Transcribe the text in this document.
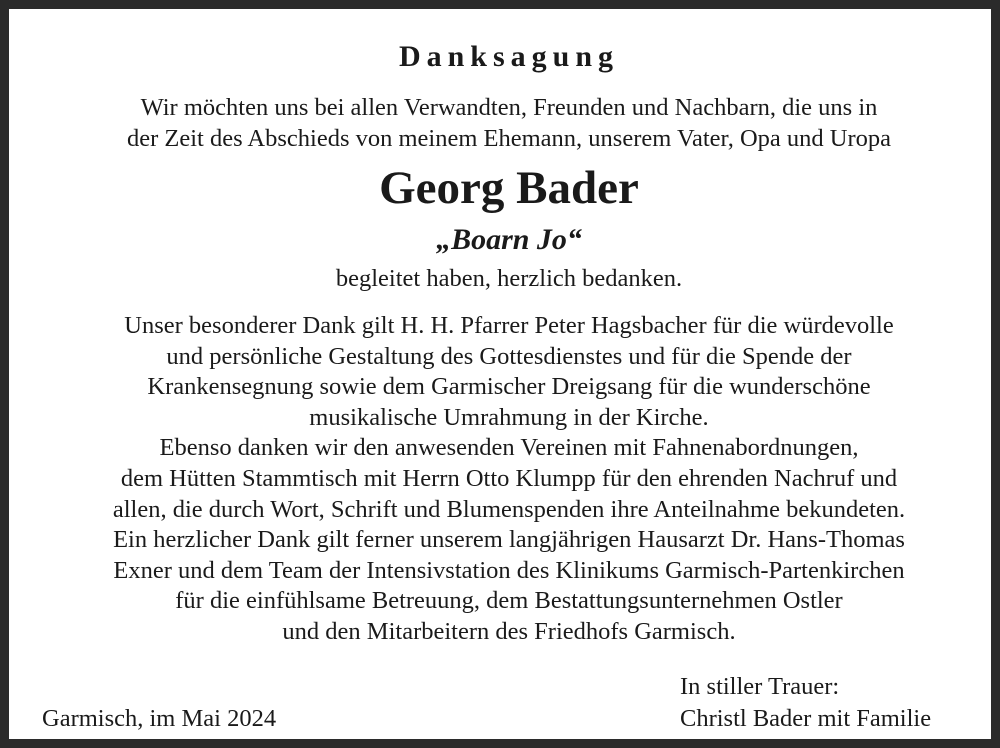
Danksagung
Wir möchten uns bei allen Verwandten, Freunden und Nachbarn, die uns in
der Zeit des Abschieds von meinem Ehemann, unserem Vater, Opa und Uropa
Georg Bader
„Boarn Jo“
begleitet haben, herzlich bedanken.
Unser besonderer Dank gilt H. H. Pfarrer Peter Hagsbacher für die würdevolle
und persönliche Gestaltung des Gottesdienstes und für die Spende der
Krankensegnung sowie dem Garmischer Dreigsang für die wunderschöne
musikalische Umrahmung in der Kirche.
Ebenso danken wir den anwesenden Vereinen mit Fahnenabordnungen,
dem Hütten Stammtisch mit Herrn Otto Klumpp für den ehrenden Nachruf und
allen, die durch Wort, Schrift und Blumenspenden ihre Anteilnahme bekundeten.
Ein herzlicher Dank gilt ferner unserem langjährigen Hausarzt Dr. Hans-Thomas
Exner und dem Team der Intensivstation des Klinikums Garmisch-Partenkirchen
für die einfühlsame Betreuung, dem Bestattungsunternehmen Ostler
und den Mitarbeitern des Friedhofs Garmisch.
In stiller Trauer:
Garmisch, im Mai 2024	Christl Bader mit Familie
